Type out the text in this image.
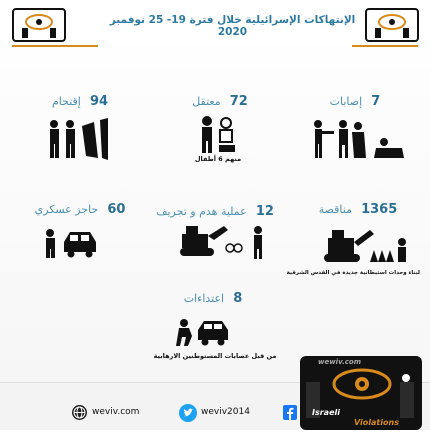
الإنتهاكات الإسرائيلية خلال فترة 19- 25 نوفمبر 2020
7 إصابات
72 معتقل
منهم 6 أطفال
94 إقتحام
1365 مناقصة
لبناء وحدات استيطانية جديدة في القدس الشرقية
12 عملية هدم و تجريف
60 حاجز عسكري
8 اعتداءات
من قبل عصابات المستوطنين الارهابية
weviv.com	weviv2014
wewiv.com
Israeli
Violations
